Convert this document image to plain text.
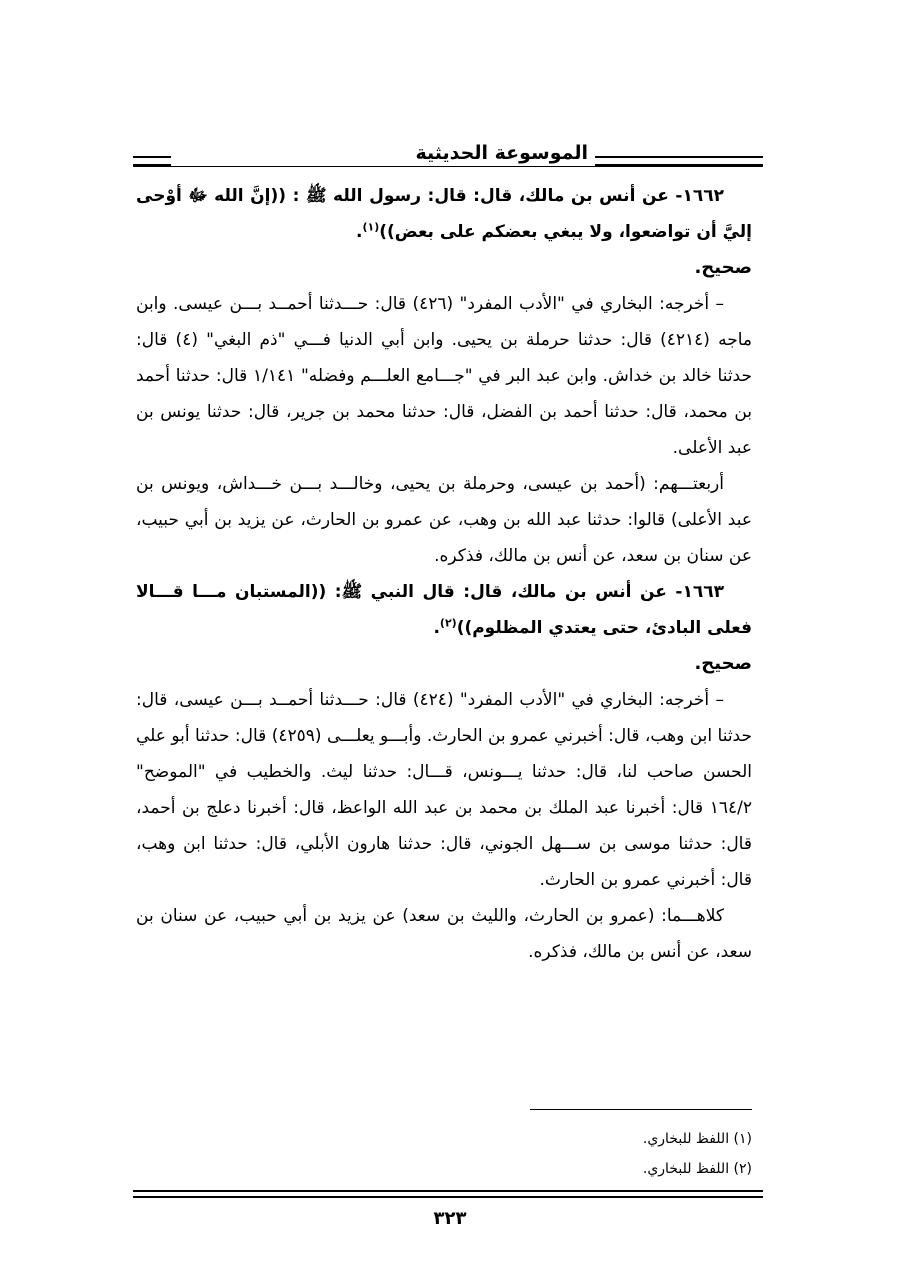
الموسوعة الحديثية

١٦٦٢- عن أنس بن مالك، قال: قال: رسول الله ﷺ : ((إنَّ الله ﷻ أوْحى إليَّ أن تواضعوا، ولا يبغي بعضكم على بعض))$^{(١)}$.

صحيح.

– أخرجه: البخاري في "الأدب المفرد" (٤٢٦) قال: حـــدثنا أحمــد بـــن عيسى. وابن ماجه (٤٢١٤) قال: حدثنا حرملة بن يحيى. وابن أبي الدنيا فـــي "ذم البغي" (٤) قال: حدثنا خالد بن خداش. وابن عبد البر في "جـــامع العلـــم وفضله" ١/١٤١ قال: حدثنا أحمد بن محمد، قال: حدثنا أحمد بن الفضل، قال: حدثنا محمد بن جرير، قال: حدثنا يونس بن عبد الأعلى.

أربعتـــهم: (أحمد بن عيسى، وحرملة بن يحيى، وخالـــد بـــن خـــداش، ويونس بن عبد الأعلى) قالوا: حدثنا عبد الله بن وهب، عن عمرو بن الحارث، عن يزيد بن أبي حبيب، عن سنان بن سعد، عن أنس بن مالك، فذكره.

١٦٦٣- عن أنس بن مالك، قال: قال النبي ﷺ: ((المستبان مـــا قـــالا فعلى البادئ، حتى يعتدي المظلوم))$^{(٢)}$.

صحيح.

– أخرجه: البخاري في "الأدب المفرد" (٤٢٤) قال: حـــدثنا أحمــد بـــن عيسى، قال: حدثنا ابن وهب، قال: أخبرني عمرو بن الحارث. وأبـــو يعلـــى (٤٢٥٩) قال: حدثنا أبو علي الحسن صاحب لنا، قال: حدثنا يـــونس، قـــال: حدثنا ليث. والخطيب في "الموضح" ١٦٤/٢ قال: أخبرنا عبد الملك بن محمد بن عبد الله الواعظ، قال: أخبرنا دعلج بن أحمد، قال: حدثنا موسى بن ســـهل الجوني، قال: حدثنا هارون الأبلي، قال: حدثنا ابن وهب، قال: أخبرني عمرو بن الحارث.

كلاهـــما: (عمرو بن الحارث، والليث بن سعد) عن يزيد بن أبي حبيب، عن سنان بن سعد، عن أنس بن مالك، فذكره.

(١) اللفظ للبخاري.

(٢) اللفظ للبخاري.

٣٢٣
